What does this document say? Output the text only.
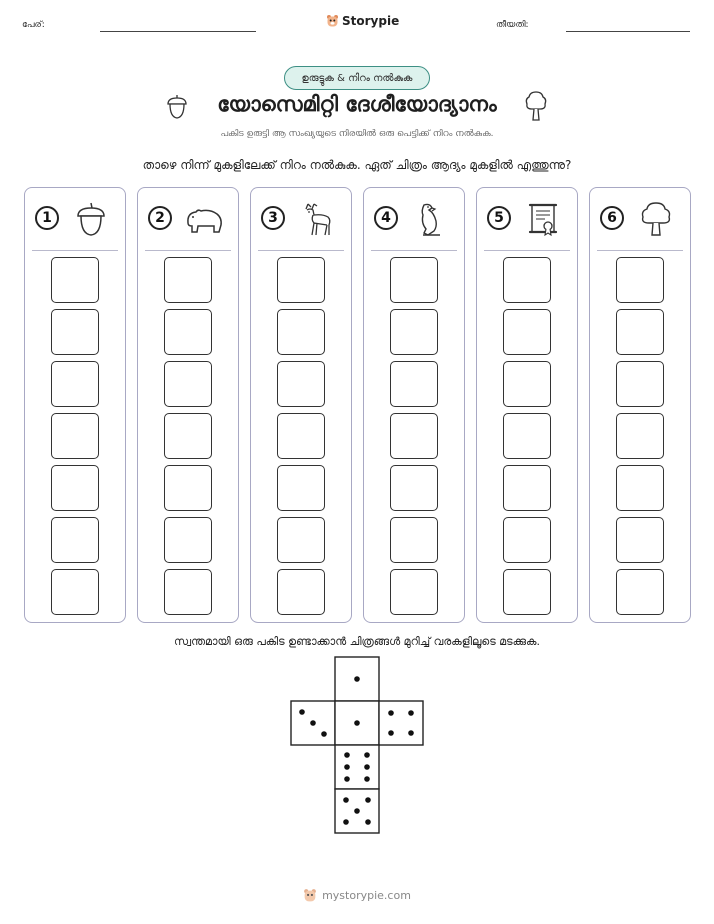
പേര്:	Storypie	തീയതി:
ഉരുട്ടുക & നിറം നൽകുക
യോസെമിറ്റി ദേശീയോദ്യാനം
പകിട ഉരുട്ടി ആ സംഖ്യയുടെ നിരയിൽ ഒരു പെട്ടിക്ക് നിറം നൽകുക.
താഴെ നിന്ന് മുകളിലേക്ക് നിറം നൽകുക. ഏത് ചിത്രം ആദ്യം മുകളിൽ എത്തുന്നു?
1	2	3	4	5	6
സ്വന്തമായി ഒരു പകിട ഉണ്ടാക്കാൻ ചിത്രങ്ങൾ മുറിച്ച് വരകളിലൂടെ മടക്കുക.
mystorypie.com
